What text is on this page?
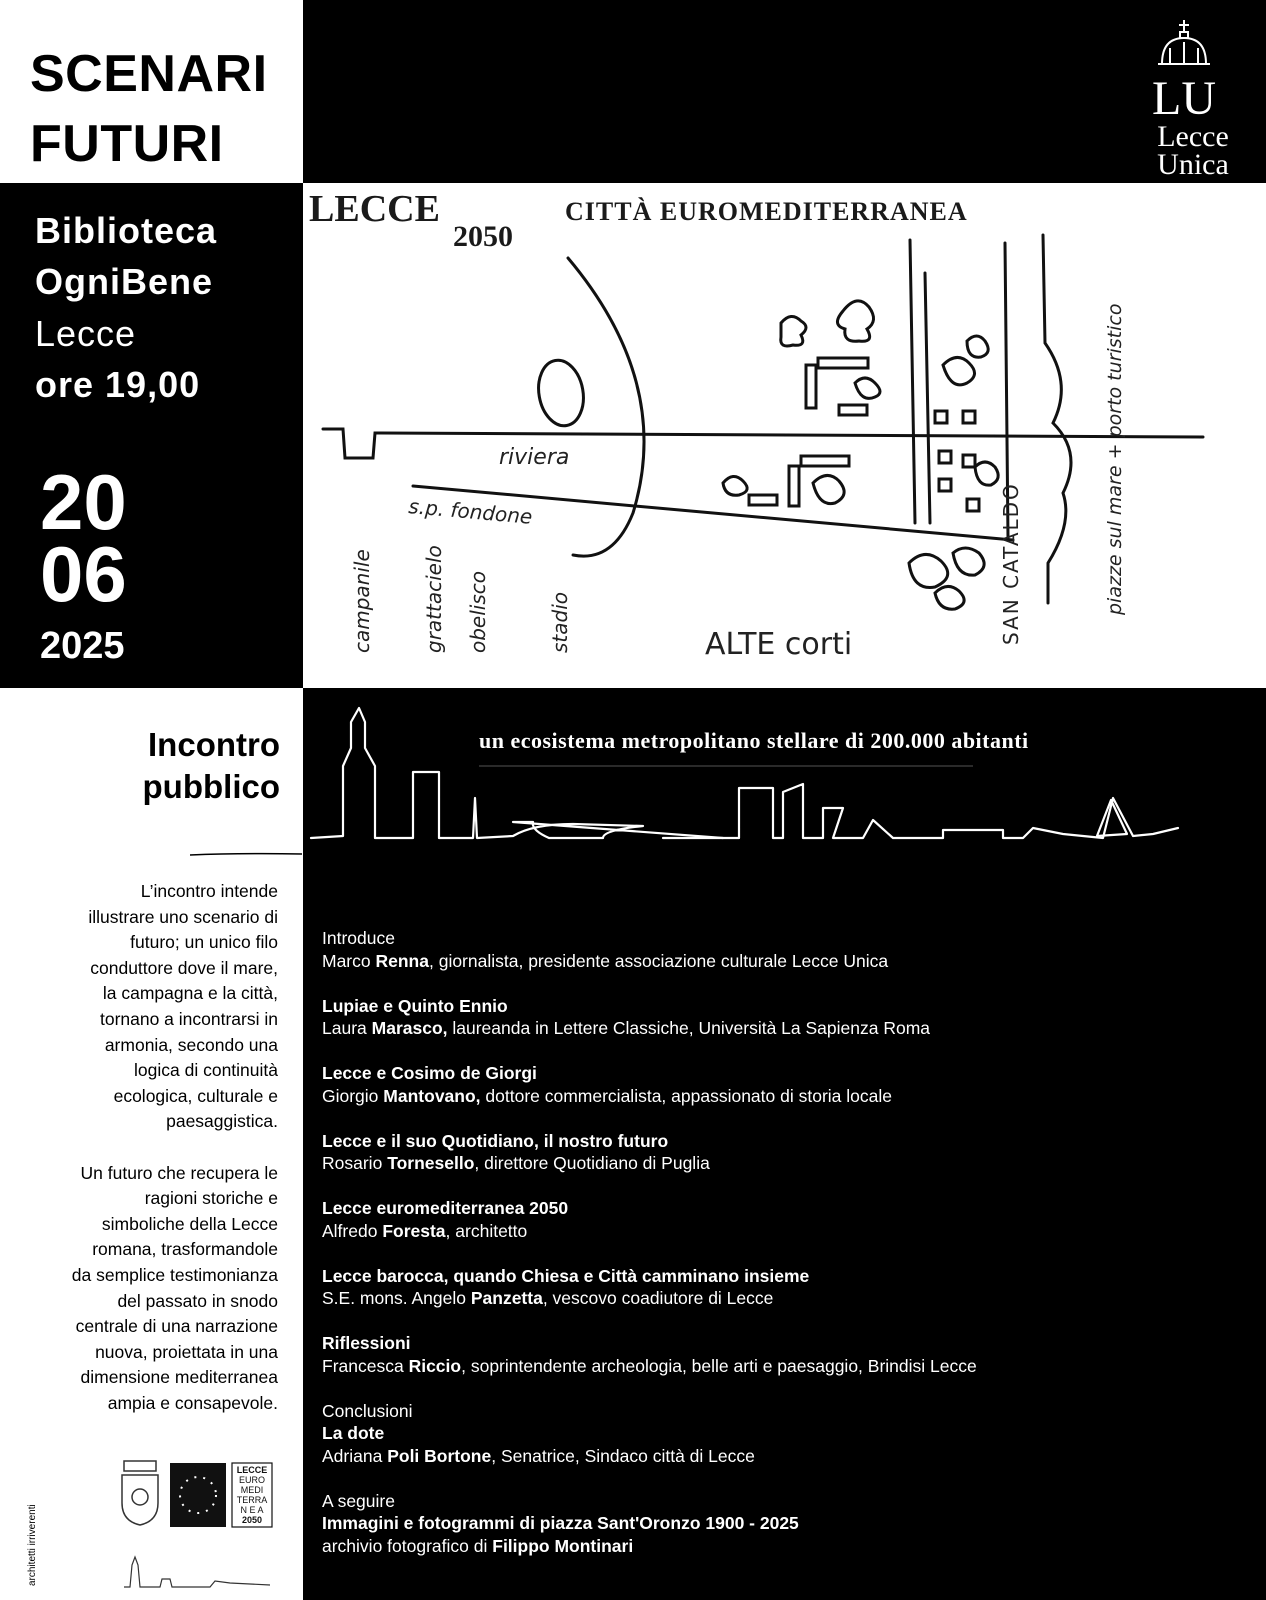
SCENARI
FUTURI
LU
Lecce
Unica
Biblioteca
OgniBene
Lecce
ore 19,00
20
06
2025
LECCE
2050
CITTÀ EUROMEDITERRANEA
riviera
s.p. fondone
campanile grattacielo obelisco	stadio	SAN CATALDO	piazze sul mare + porto turistico
ALTE corti
un ecosistema metropolitano stellare di 200.000 abitanti
Incontro
pubblico

L’incontro intende
illustrare uno scenario di
futuro; un unico filo
conduttore dove il mare,
la campagna e la città,
tornano a incontrarsi in
armonia, secondo una
logica di continuità
ecologica, culturale e
paesaggistica.

Un futuro che recupera le
ragioni storiche e
simboliche della Lecce
romana, trasformandole
da semplice testimonianza
del passato in snodo
centrale di una narrazione
nuova, proiettata in una
dimensione mediterranea
ampia e consapevole.

architetti irriverenti
LECCE
EURO
MEDI
TERRA
N E A
2050
Introduce
Marco Renna, giornalista, presidente associazione culturale Lecce Unica
Lupiae e Quinto Ennio
Laura Marasco, laureanda in Lettere Classiche, Università La Sapienza Roma
Lecce e Cosimo de Giorgi
Giorgio Mantovano, dottore commercialista, appassionato di storia locale
Lecce e il suo Quotidiano, il nostro futuro
Rosario Tornesello, direttore Quotidiano di Puglia
Lecce euromediterranea 2050
Alfredo Foresta, architetto
Lecce barocca, quando Chiesa e Città camminano insieme
S.E. mons. Angelo Panzetta, vescovo coadiutore di Lecce
Riflessioni
Francesca Riccio, soprintendente archeologia, belle arti e paesaggio, Brindisi Lecce
Conclusioni
La dote
Adriana Poli Bortone, Senatrice, Sindaco città di Lecce
A seguire
Immagini e fotogrammi di piazza Sant'Oronzo 1900 - 2025
archivio fotografico di Filippo Montinari
